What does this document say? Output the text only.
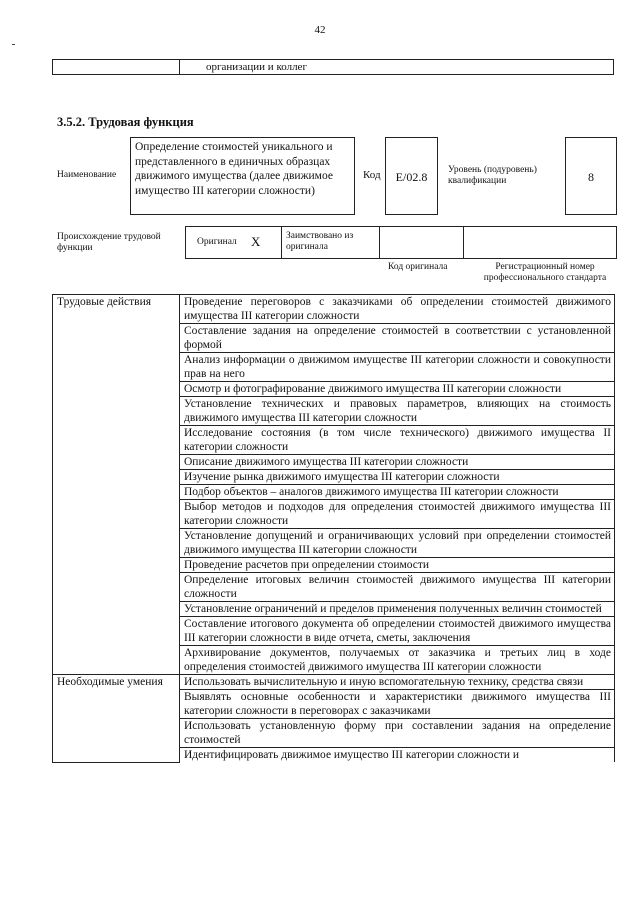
42
	организации и коллег
3.5.2. Трудовая функция
Наименование
Определение стоимостей уникального и представленного в единичных образцах движимого имущества (далее движимое имущество III категории сложности)
Код	E/02.8	Уровень (подуровень) квалификации	8
Происхождение трудовой функции
Оригинал X	Заимствовано из оригинала
Код оригинала	Регистрационный номер профессионального стандарта
Трудовые действия	Проведение переговоров с заказчиками об определении стоимостей движимого имущества III категории сложности
	Составление задания на определение стоимостей в соответствии с установленной формой
	Анализ информации о движимом имуществе III категории сложности и совокупности прав на него
	Осмотр и фотографирование движимого имущества III категории сложности
	Установление технических и правовых параметров, влияющих на стоимость движимого имущества III категории сложности
	Исследование состояния (в том числе технического) движимого имущества II категории сложности
	Описание движимого имущества III категории сложности
	Изучение рынка движимого имущества III категории сложности
	Подбор объектов – аналогов движимого имущества III категории сложности
	Выбор методов и подходов для определения стоимостей движимого имущества III категории сложности
	Установление допущений и ограничивающих условий при определении стоимостей движимого имущества III категории сложности
	Проведение расчетов при определении стоимости
	Определение итоговых величин стоимостей движимого имущества III категории сложности
	Установление ограничений и пределов применения полученных величин стоимостей
	Составление итогового документа об определении стоимостей движимого имущества III категории сложности в виде отчета, сметы, заключения
	Архивирование документов, получаемых от заказчика и третьих лиц в ходе определения стоимостей движимого имущества III категории сложности
Необходимые умения	Использовать вычислительную и иную вспомогательную технику, средства связи
	Выявлять основные особенности и характеристики движимого имущества III категории сложности в переговорах с заказчиками
	Использовать установленную форму при составлении задания на определение стоимостей
	Идентифицировать движимое имущество III категории сложности и
